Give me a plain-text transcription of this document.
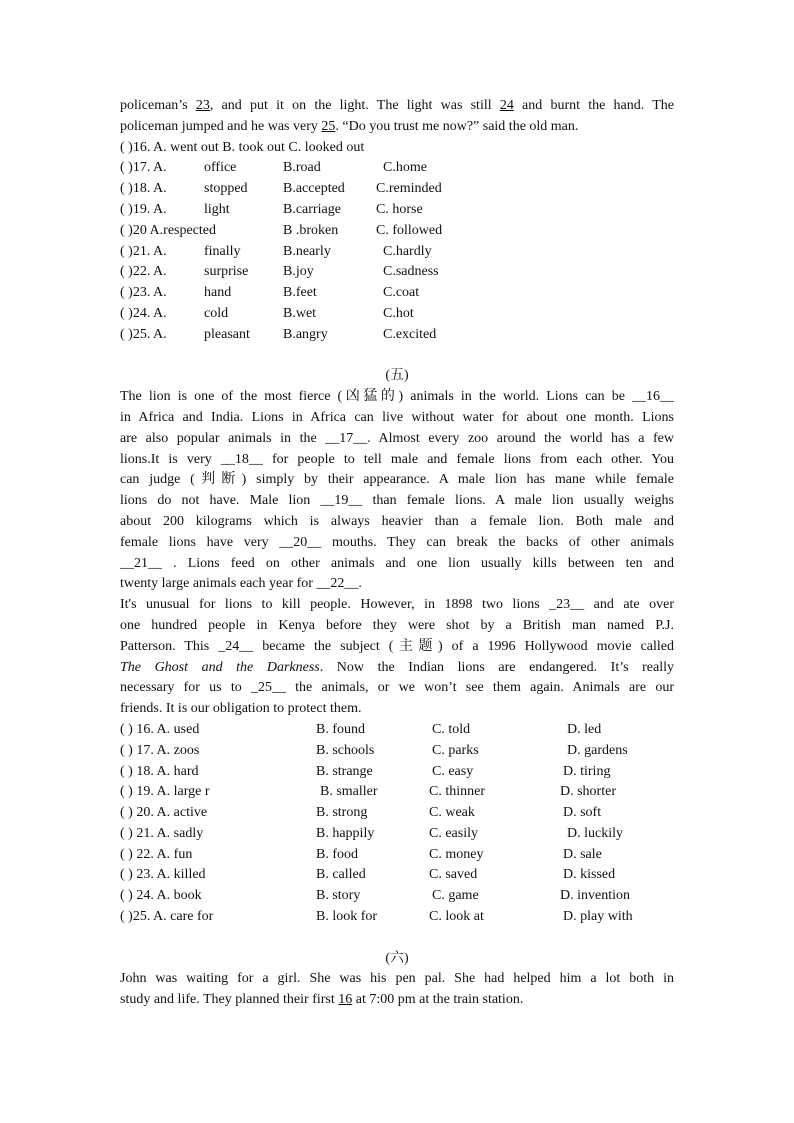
policeman’s 23, and put it on the light. The light was still 24 and burnt the hand. The
policeman jumped and he was very 25. “Do you trust me now?” said the old man.
( )16. A. went out B. took out C. looked out
( )17. A.	office	B.road	C.home
( )18. A.	stopped	B.accepted C.reminded
( )19. A.	light	B.carriage	C. horse
( )20 A.respected	B .broken	C. followed
( )21. A.	finally	B.nearly	C.hardly
( )22. A.	surprise B.joy	C.sadness
( )23. A.	hand	B.feet	C.coat
( )24. A.	cold	B.wet	C.hot
( )25. A.	pleasant B.angry	C.excited
(五)
The lion is one of the most fierce (凶猛的) animals in the world. Lions can be __16__
in Africa and India. Lions in Africa can live without water for about one month. Lions
are also popular animals in the __17__. Almost every zoo around the world has a few
lions.It is very __18__ for people to tell male and female lions from each other. You
can judge (判断) simply by their appearance. A male lion has mane while female
lions do not have. Male lion __19__ than female lions. A male lion usually weighs
about 200 kilograms which is always heavier than a female lion. Both male and
female lions have very __20__ mouths. They can break the backs of other animals
__21__ . Lions feed on other animals and one lion usually kills between ten and
twenty large animals each year for __22__.
It's unusual for lions to kill people. However, in 1898 two lions _23__ and ate over
one hundred people in Kenya before they were shot by a British man named P.J.
Patterson. This _24__ became the subject (主题) of a 1996 Hollywood movie called
The Ghost and the Darkness. Now the Indian lions are endangered. It’s really
necessary for us to _25__ the animals, or we won’t see them again. Animals are our
friends. It is our obligation to protect them.
( ) 16. A. used	B. found	C. told	D. led
( ) 17. A. zoos	B. schools	C. parks	D. gardens
( ) 18. A. hard	B. strange	C. easy	D. tiring
( ) 19. A. large r	B. smaller	C. thinner	D. shorter
( ) 20. A. active	B. strong	C. weak	D. soft
( ) 21. A. sadly	B. happily	C. easily	D. luckily
( ) 22. A. fun	B. food	C. money	D. sale
( ) 23. A. killed	B. called	C. saved	D. kissed
( ) 24. A. book	B. story	C. game	D. invention
( )25. A. care for	B. look for	C. look at	D. play with
(六)
John was waiting for a girl. She was his pen pal. She had helped him a lot both in
study and life. They planned their first 16 at 7:00 pm at the train station.
